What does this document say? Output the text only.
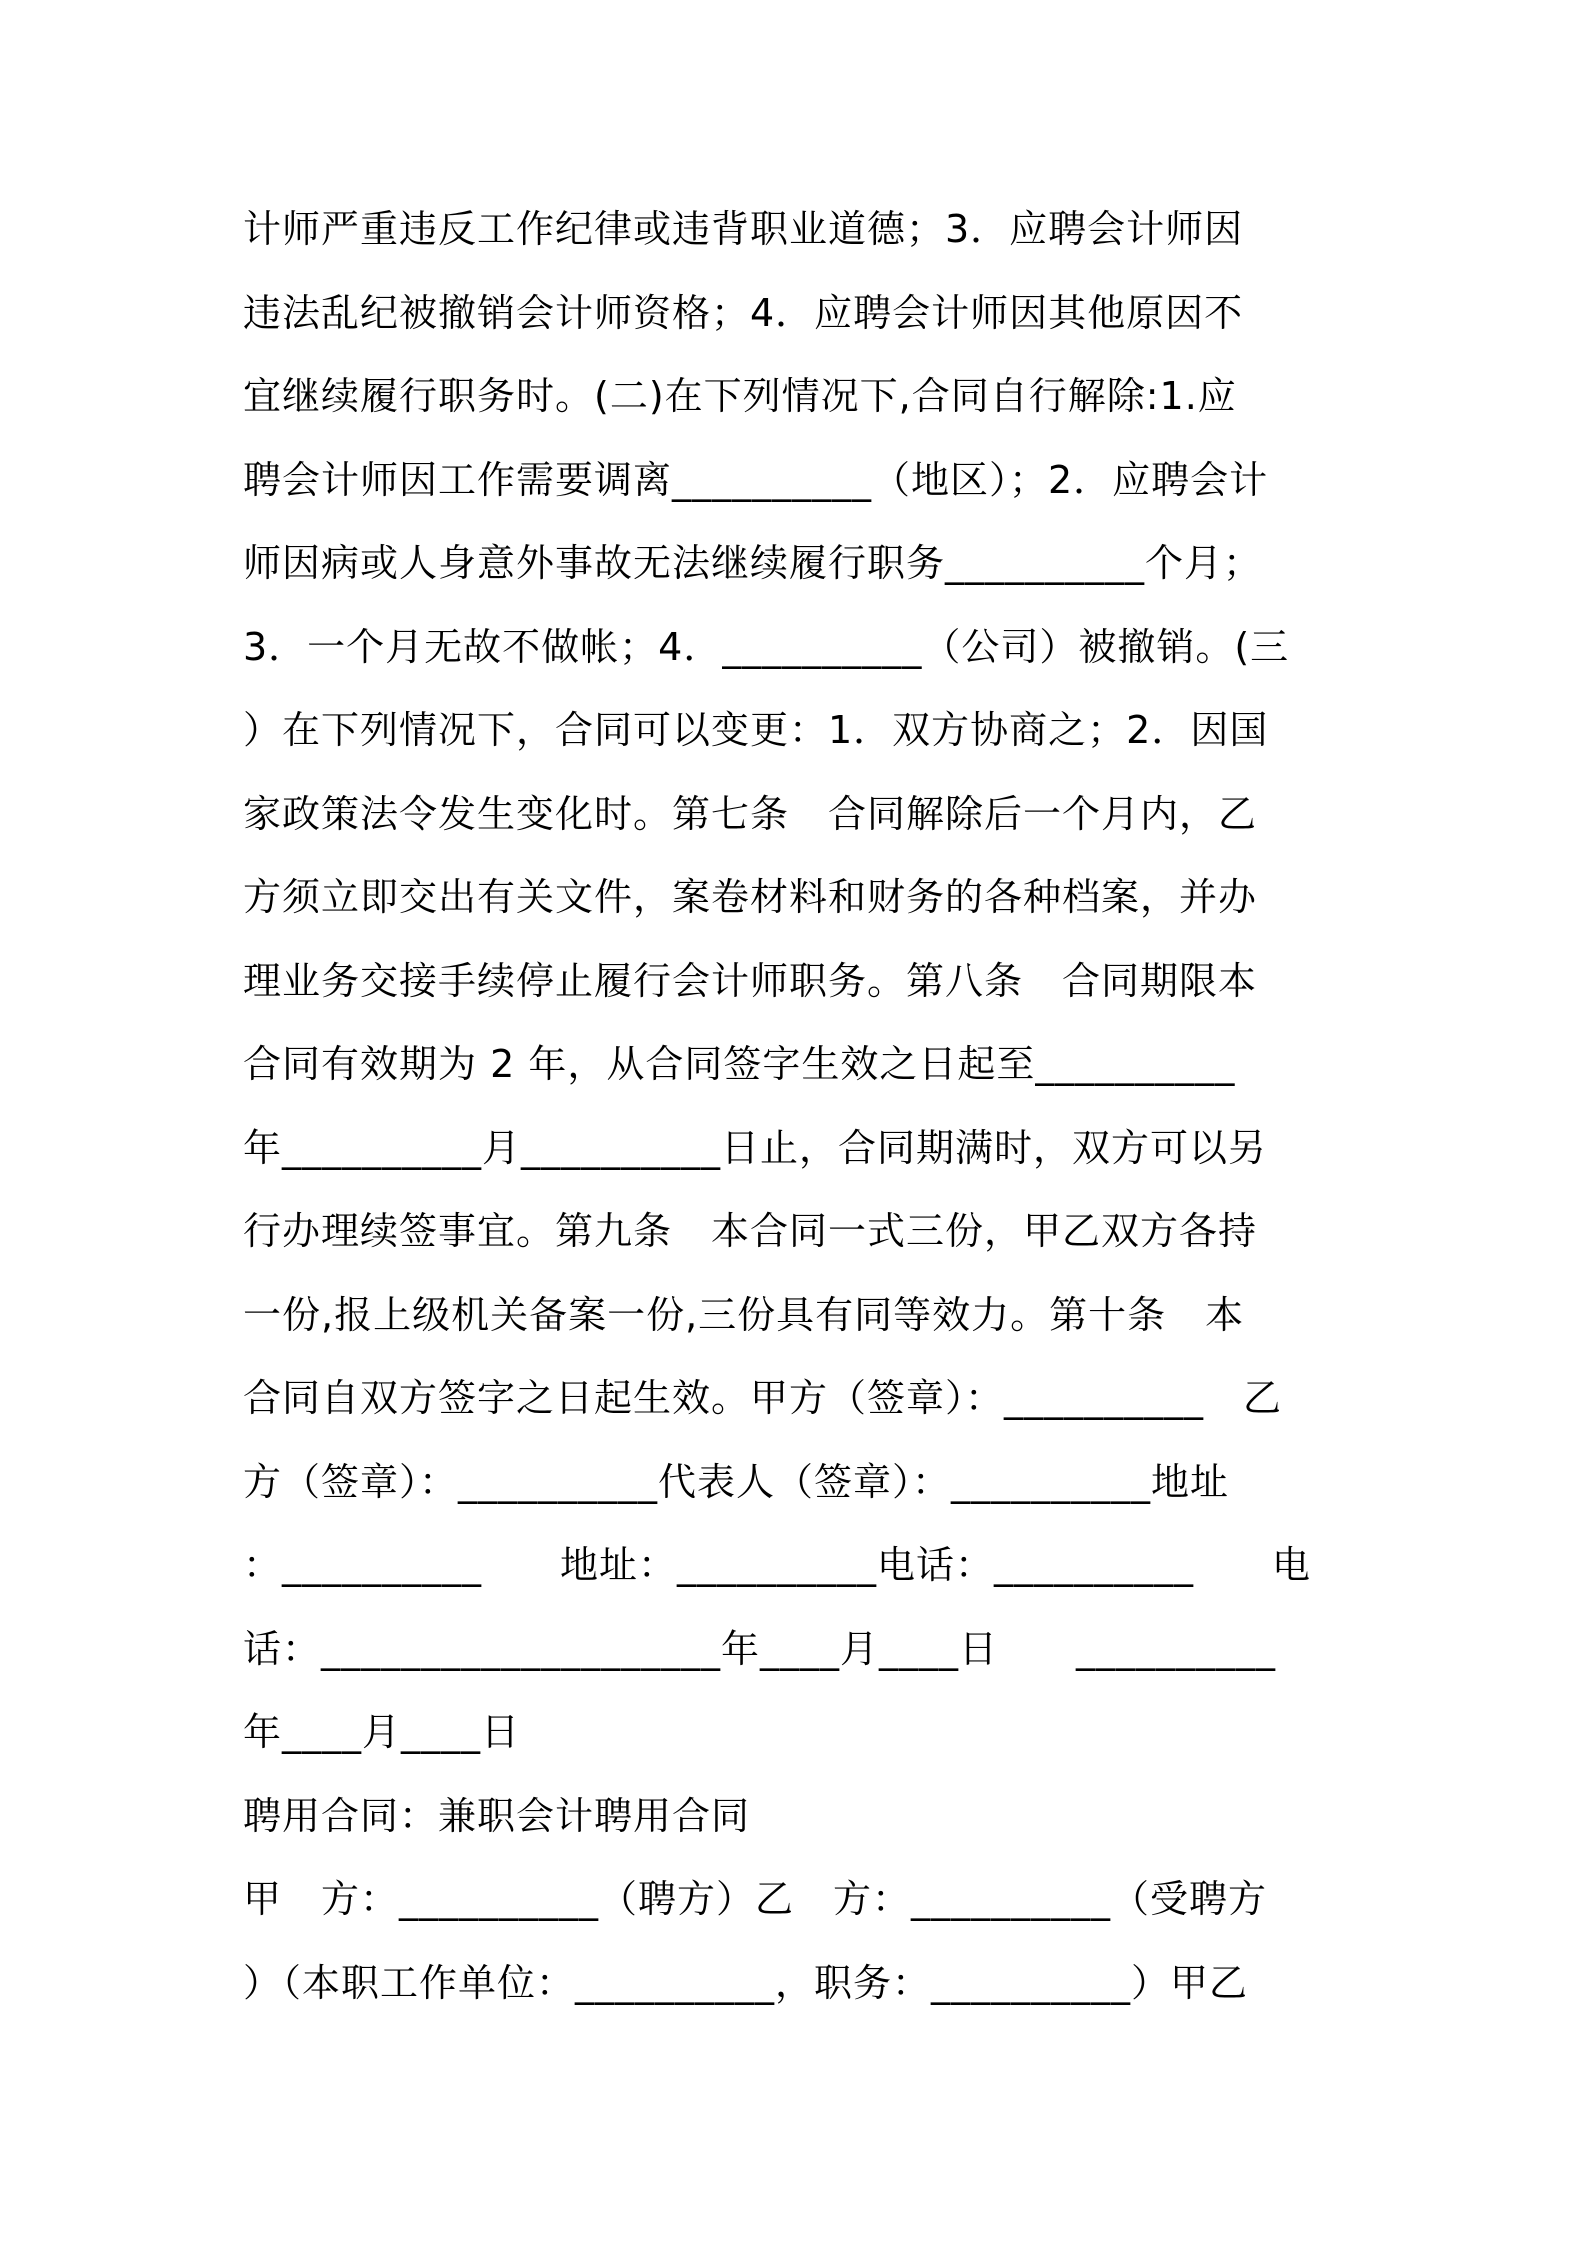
计师严重违反工作纪律或违背职业道德；3．应聘会计师因
违法乱纪被撤销会计师资格；4．应聘会计师因其他原因不
宜继续履行职务时。(二)在下列情况下,合同自行解除:1.应
聘会计师因工作需要调离__________（地区）；2．应聘会计
师因病或人身意外事故无法继续履行职务__________个月；
3．一个月无故不做帐；4．__________（公司）被撤销。(三
）在下列情况下，合同可以变更：1．双方协商之；2．因国
家政策法令发生变化时。第七条　合同解除后一个月内，乙
方须立即交出有关文件，案卷材料和财务的各种档案，并办
理业务交接手续停止履行会计师职务。第八条　合同期限本
合同有效期为 2 年，从合同签字生效之日起至__________
年__________月__________日止，合同期满时，双方可以另
行办理续签事宜。第九条　本合同一式三份，甲乙双方各持
一份,报上级机关备案一份,三份具有同等效力。第十条　本
合同自双方签字之日起生效。甲方（签章）：__________　乙
方（签章）：__________代表人（签章）：__________地址
：__________　　地址：__________电话：__________　　电
话：____________________年____月____日　　__________
年____月____日
聘用合同：兼职会计聘用合同
甲　方：__________（聘方）乙　方：__________（受聘方
）（本职工作单位：__________，职务：__________）甲乙
